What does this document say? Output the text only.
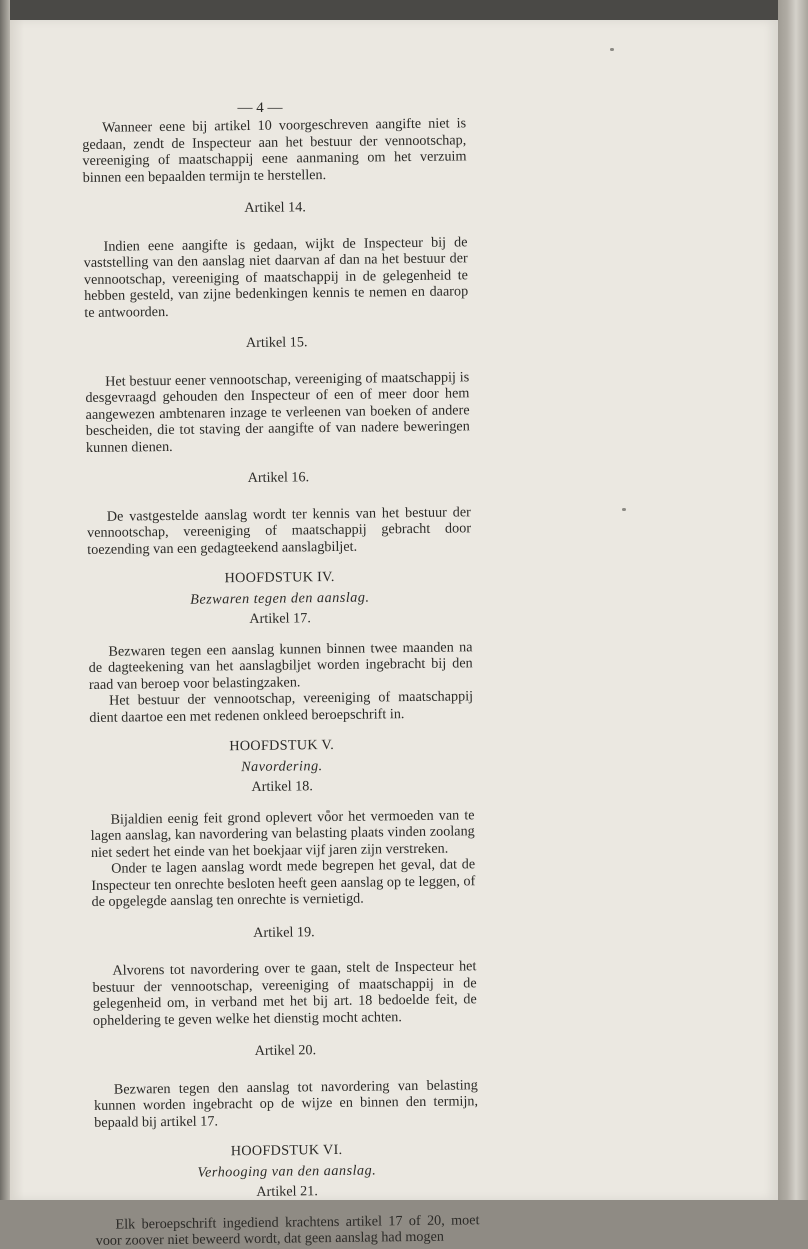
— 4 —

Wanneer eene bij artikel 10 voorgeschreven aangifte niet is gedaan, zendt de Inspecteur aan het bestuur der vennootschap, vereeniging of maatschappij eene aanmaning om het verzuim binnen een bepaalden termijn te herstellen.

Artikel 14.

Indien eene aangifte is gedaan, wijkt de Inspecteur bij de vaststelling van den aanslag niet daarvan af dan na het bestuur der vennootschap, vereeniging of maatschappij in de gelegenheid te hebben gesteld, van zijne bedenkingen kennis te nemen en daarop te antwoorden.

Artikel 15.

Het bestuur eener vennootschap, vereeniging of maatschappij is desgevraagd gehouden den Inspecteur of een of meer door hem aangewezen ambtenaren inzage te verleenen van boeken of andere bescheiden, die tot staving der aangifte of van nadere beweringen kunnen dienen.

Artikel 16.

De vastgestelde aanslag wordt ter kennis van het bestuur der vennootschap, vereeniging of maatschappij gebracht door toezending van een gedagteekend aanslagbiljet.

HOOFDSTUK IV.
Bezwaren tegen den aanslag.
Artikel 17.

Bezwaren tegen een aanslag kunnen binnen twee maanden na de dagteekening van het aanslagbiljet worden ingebracht bij den raad van beroep voor belastingzaken.

Het bestuur der vennootschap, vereeniging of maatschappij dient daartoe een met redenen onkleed beroepschrift in.

HOOFDSTUK V.
Navordering.
Artikel 18.

Bijaldien eenig feit grond oplevert voor het vermoeden van te lagen aanslag, kan navordering van belasting plaats vinden zoolang niet sedert het einde van het boekjaar vijf jaren zijn verstreken.

Onder te lagen aanslag wordt mede begrepen het geval, dat de Inspecteur ten onrechte besloten heeft geen aanslag op te leggen, of de opgelegde aanslag ten onrechte is vernietigd.

Artikel 19.

Alvorens tot navordering over te gaan, stelt de Inspecteur het bestuur der vennootschap, vereeniging of maatschappij in de gelegenheid om, in verband met het bij art. 18 bedoelde feit, de opheldering te geven welke het dienstig mocht achten.

Artikel 20.

Bezwaren tegen den aanslag tot navordering van belasting kunnen worden ingebracht op de wijze en binnen den termijn, bepaald bij artikel 17.

HOOFDSTUK VI.
Verhooging van den aanslag.
Artikel 21.

Elk beroepschrift ingediend krachtens artikel 17 of 20, moet voor zoover niet beweerd wordt, dat geen aanslag had mogen
